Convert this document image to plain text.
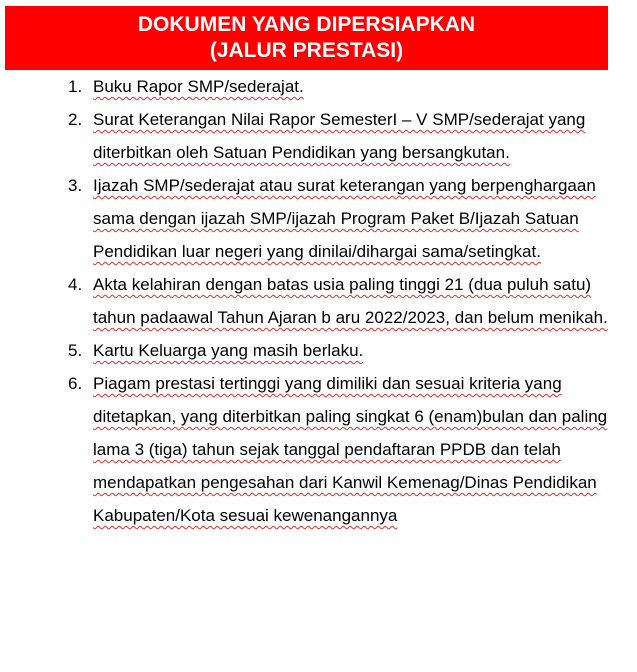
DOKUMEN YANG DIPERSIAPKAN
(JALUR PRESTASI)
1. Buku Rapor SMP/sederajat.
2. Surat Keterangan Nilai Rapor SemesterI – V SMP/sederajat yang diterbitkan oleh Satuan Pendidikan yang bersangkutan.
3. Ijazah SMP/sederajat atau surat keterangan yang berpenghargaan sama dengan ijazah SMP/ijazah Program Paket B/Ijazah Satuan Pendidikan luar negeri yang dinilai/dihargai sama/setingkat.
4. Akta kelahiran dengan batas usia paling tinggi 21 (dua puluh satu) tahun padaawal Tahun Ajaran b aru 2022/2023, dan belum menikah.
5. Kartu Keluarga yang masih berlaku.
6. Piagam prestasi tertinggi yang dimiliki dan sesuai kriteria yang ditetapkan, yang diterbitkan paling singkat 6 (enam)bulan dan paling lama 3 (tiga) tahun sejak tanggal pendaftaran PPDB dan telah mendapatkan pengesahan dari Kanwil Kemenag/Dinas Pendidikan Kabupaten/Kota sesuai kewenangannya
